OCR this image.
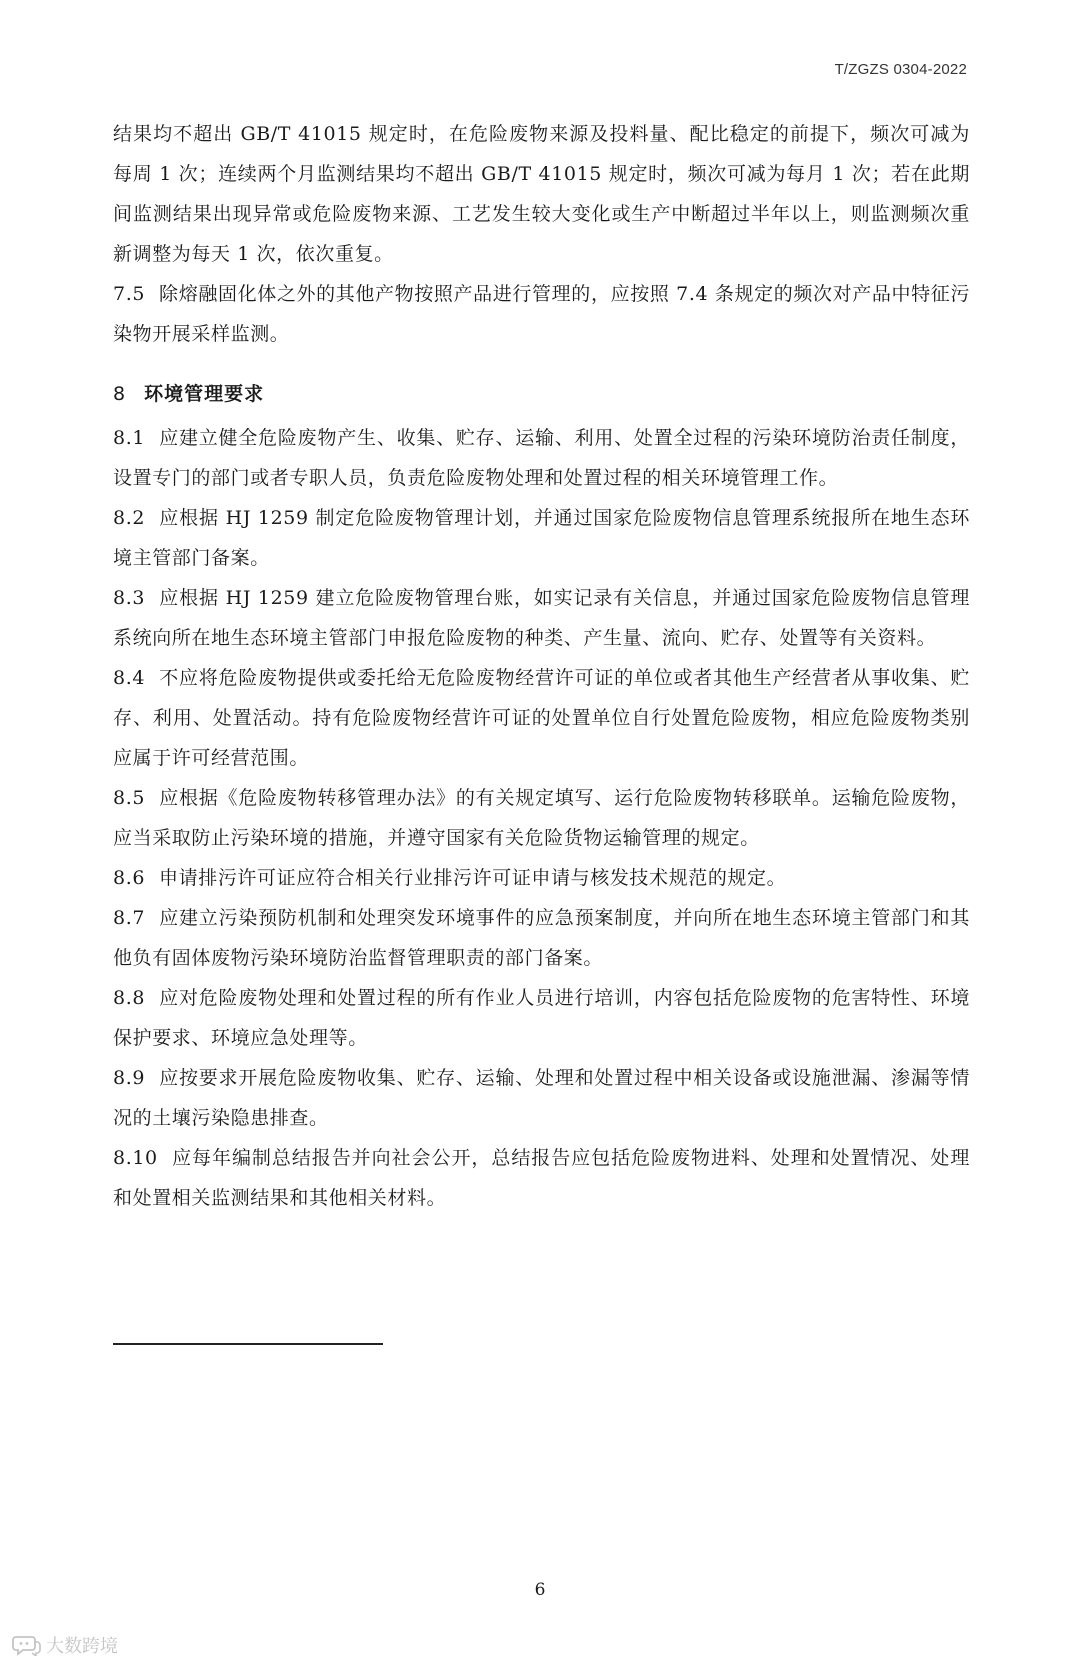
T/ZGZS 0304-2022

结果均不超出 GB/T 41015 规定时，在危险废物来源及投料量、配比稳定的前提下，频次可减为每周 1 次；连续两个月监测结果均不超出 GB/T 41015 规定时，频次可减为每月 1 次；若在此期间监测结果出现异常或危险废物来源、工艺发生较大变化或生产中断超过半年以上，则监测频次重新调整为每天 1 次，依次重复。

7.5 除熔融固化体之外的其他产物按照产品进行管理的，应按照 7.4 条规定的频次对产品中特征污染物开展采样监测。

8 环境管理要求

8.1 应建立健全危险废物产生、收集、贮存、运输、利用、处置全过程的污染环境防治责任制度，设置专门的部门或者专职人员，负责危险废物处理和处置过程的相关环境管理工作。

8.2 应根据 HJ 1259 制定危险废物管理计划，并通过国家危险废物信息管理系统报所在地生态环境主管部门备案。

8.3 应根据 HJ 1259 建立危险废物管理台账，如实记录有关信息，并通过国家危险废物信息管理系统向所在地生态环境主管部门申报危险废物的种类、产生量、流向、贮存、处置等有关资料。

8.4 不应将危险废物提供或委托给无危险废物经营许可证的单位或者其他生产经营者从事收集、贮存、利用、处置活动。持有危险废物经营许可证的处置单位自行处置危险废物，相应危险废物类别应属于许可经营范围。

8.5 应根据《危险废物转移管理办法》的有关规定填写、运行危险废物转移联单。运输危险废物，应当采取防止污染环境的措施，并遵守国家有关危险货物运输管理的规定。

8.6 申请排污许可证应符合相关行业排污许可证申请与核发技术规范的规定。

8.7 应建立污染预防机制和处理突发环境事件的应急预案制度，并向所在地生态环境主管部门和其他负有固体废物污染环境防治监督管理职责的部门备案。

8.8 应对危险废物处理和处置过程的所有作业人员进行培训，内容包括危险废物的危害特性、环境保护要求、环境应急处理等。

8.9 应按要求开展危险废物收集、贮存、运输、处理和处置过程中相关设备或设施泄漏、渗漏等情况的土壤污染隐患排查。

8.10 应每年编制总结报告并向社会公开，总结报告应包括危险废物进料、处理和处置情况、处理和处置相关监测结果和其他相关材料。

6
大数跨境
